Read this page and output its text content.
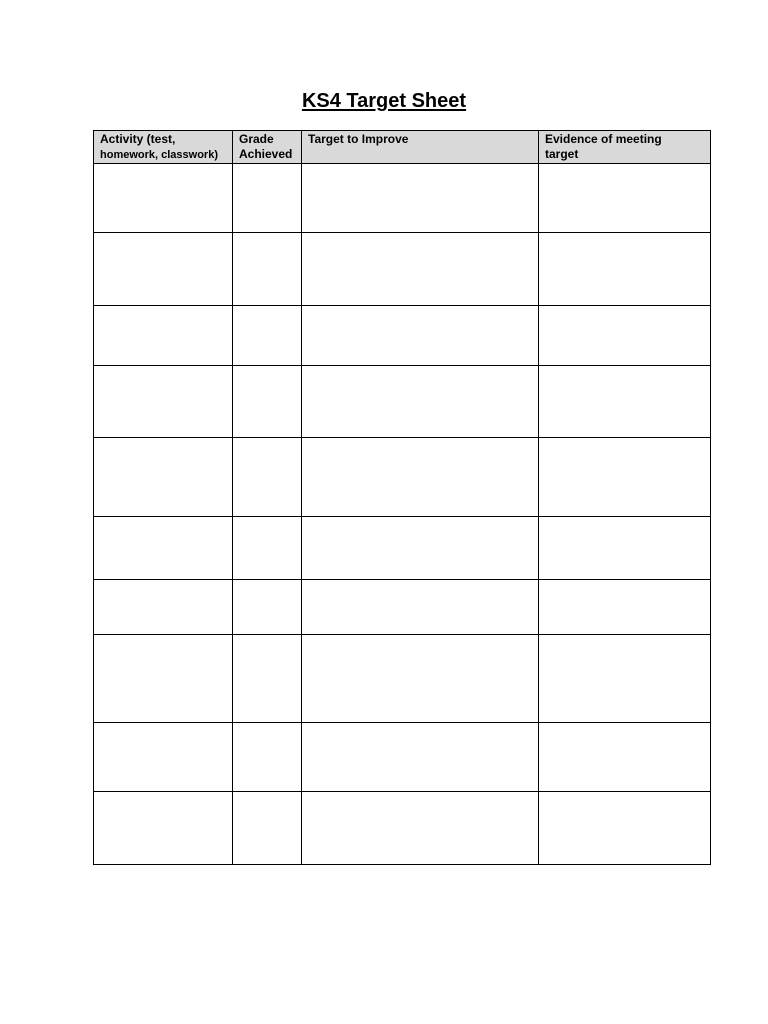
KS4 Target Sheet
Activity (test,
homework, classwork)	Grade
Achieved	Target to Improve	Evidence of meeting
target
